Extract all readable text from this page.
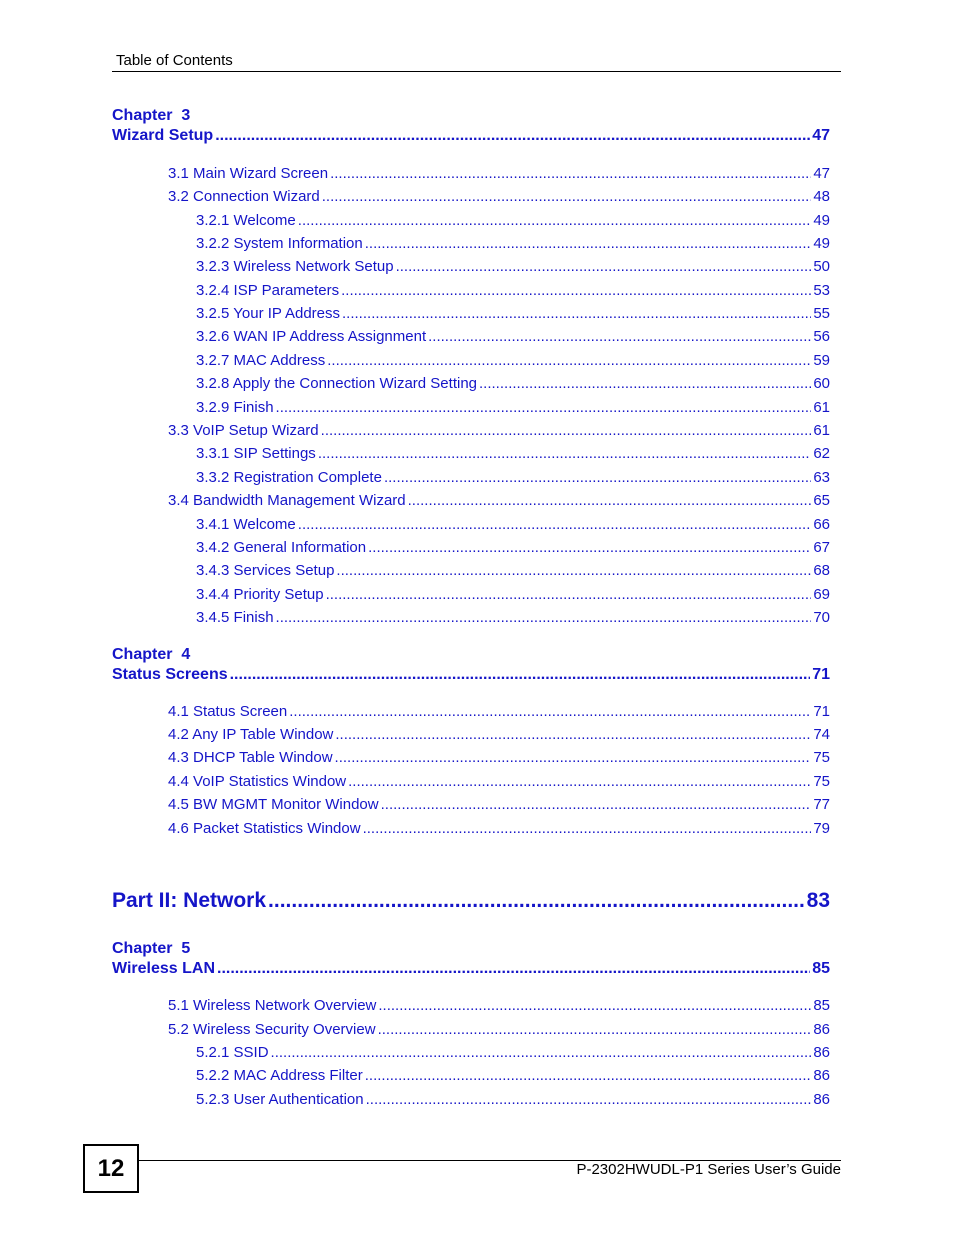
Table of Contents
Chapter  3
Wizard Setup .....	47
3.1 Main Wizard Screen .....	47
3.2 Connection Wizard .....	48
3.2.1 Welcome .....	49
3.2.2 System Information .....	49
3.2.3 Wireless Network Setup .....	50
3.2.4 ISP Parameters .....	53
3.2.5 Your IP Address .....	55
3.2.6 WAN IP Address Assignment .....	56
3.2.7 MAC Address .....	59
3.2.8 Apply the Connection Wizard Setting .....	60
3.2.9 Finish .....	61
3.3 VoIP Setup Wizard .....	61
3.3.1 SIP Settings .....	62
3.3.2 Registration Complete .....	63
3.4 Bandwidth Management Wizard .....	65
3.4.1 Welcome .....	66
3.4.2 General Information .....	67
3.4.3 Services Setup .....	68
3.4.4 Priority Setup .....	69
3.4.5 Finish .....	70
Chapter  4
Status Screens .....	71
4.1 Status Screen .....	71
4.2 Any IP Table Window .....	74
4.3 DHCP Table Window .....	75
4.4 VoIP Statistics Window .....	75
4.5 BW MGMT Monitor Window .....	77
4.6 Packet Statistics Window .....	79
Part II: Network .....	83
Chapter  5
Wireless LAN .....	85
5.1 Wireless Network Overview .....	85
5.2 Wireless Security Overview .....	86
5.2.1 SSID .....	86
5.2.2 MAC Address Filter .....	86
5.2.3 User Authentication .....	86
12	P-2302HWUDL-P1 Series User’s Guide
